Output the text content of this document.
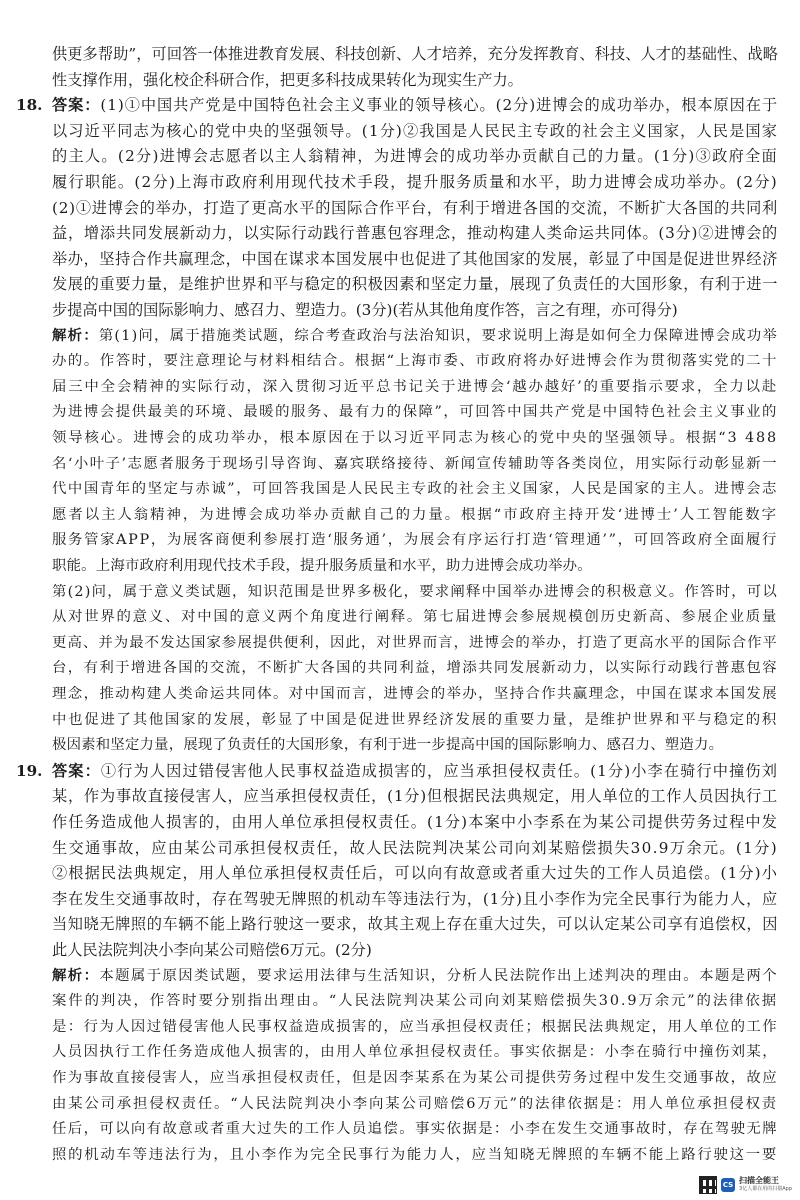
供更多帮助”，可回答一体推进教育发展、科技创新、人才培养，充分发挥教育、科技、人才的基础性、战略
性支撑作用，强化校企科研合作，把更多科技成果转化为现实生产力。
18. 答案：(1)①中国共产党是中国特色社会主义事业的领导核心。(2分)进博会的成功举办，根本原因在于
以习近平同志为核心的党中央的坚强领导。(1分)②我国是人民民主专政的社会主义国家，人民是国家
的主人。(2分)进博会志愿者以主人翁精神，为进博会的成功举办贡献自己的力量。(1分)③政府全面
履行职能。(2分)上海市政府利用现代技术手段，提升服务质量和水平，助力进博会成功举办。(2分)
(2)①进博会的举办，打造了更高水平的国际合作平台，有利于增进各国的交流，不断扩大各国的共同利
益，增添共同发展新动力，以实际行动践行普惠包容理念，推动构建人类命运共同体。(3分)②进博会的
举办，坚持合作共赢理念，中国在谋求本国发展中也促进了其他国家的发展，彰显了中国是促进世界经济
发展的重要力量，是维护世界和平与稳定的积极因素和坚定力量，展现了负责任的大国形象，有利于进一
步提高中国的国际影响力、感召力、塑造力。(3分)(若从其他角度作答，言之有理，亦可得分)
解析：第(1)问，属于措施类试题，综合考查政治与法治知识，要求说明上海是如何全力保障进博会成功举
办的。作答时，要注意理论与材料相结合。根据“上海市委、市政府将办好进博会作为贯彻落实党的二十
届三中全会精神的实际行动，深入贯彻习近平总书记关于进博会‘越办越好’的重要指示要求，全力以赴
为进博会提供最美的环境、最暖的服务、最有力的保障”，可回答中国共产党是中国特色社会主义事业的
领导核心。进博会的成功举办，根本原因在于以习近平同志为核心的党中央的坚强领导。根据“3 488
名‘小叶子’志愿者服务于现场引导咨询、嘉宾联络接待、新闻宣传辅助等各类岗位，用实际行动彰显新一
代中国青年的坚定与赤诚”，可回答我国是人民民主专政的社会主义国家，人民是国家的主人。进博会志
愿者以主人翁精神，为进博会成功举办贡献自己的力量。根据“市政府主持开发‘进博士’人工智能数字
服务管家APP，为展客商便利参展打造‘服务通’，为展会有序运行打造‘管理通’”，可回答政府全面履行
职能。上海市政府利用现代技术手段，提升服务质量和水平，助力进博会成功举办。
第(2)问，属于意义类试题，知识范围是世界多极化，要求阐释中国举办进博会的积极意义。作答时，可以
从对世界的意义、对中国的意义两个角度进行阐释。第七届进博会参展规模创历史新高、参展企业质量
更高、并为最不发达国家参展提供便利，因此，对世界而言，进博会的举办，打造了更高水平的国际合作平
台，有利于增进各国的交流，不断扩大各国的共同利益，增添共同发展新动力，以实际行动践行普惠包容
理念，推动构建人类命运共同体。对中国而言，进博会的举办，坚持合作共赢理念，中国在谋求本国发展
中也促进了其他国家的发展，彰显了中国是促进世界经济发展的重要力量，是维护世界和平与稳定的积
极因素和坚定力量，展现了负责任的大国形象，有利于进一步提高中国的国际影响力、感召力、塑造力。
19. 答案：①行为人因过错侵害他人民事权益造成损害的，应当承担侵权责任。(1分)小李在骑行中撞伤刘
某，作为事故直接侵害人，应当承担侵权责任，(1分)但根据民法典规定，用人单位的工作人员因执行工
作任务造成他人损害的，由用人单位承担侵权责任。(1分)本案中小李系在为某公司提供劳务过程中发
生交通事故，应由某公司承担侵权责任，故人民法院判决某公司向刘某赔偿损失30.9万余元。(1分)
②根据民法典规定，用人单位承担侵权责任后，可以向有故意或者重大过失的工作人员追偿。(1分)小
李在发生交通事故时，存在驾驶无牌照的机动车等违法行为，(1分)且小李作为完全民事行为能力人，应
当知晓无牌照的车辆不能上路行驶这一要求，故其主观上存在重大过失，可以认定某公司享有追偿权，因
此人民法院判决小李向某公司赔偿6万元。(2分)
解析：本题属于原因类试题，要求运用法律与生活知识，分析人民法院作出上述判决的理由。本题是两个
案件的判决，作答时要分别指出理由。“人民法院判决某公司向刘某赔偿损失30.9万余元”的法律依据
是：行为人因过错侵害他人民事权益造成损害的，应当承担侵权责任；根据民法典规定，用人单位的工作
人员因执行工作任务造成他人损害的，由用人单位承担侵权责任。事实依据是：小李在骑行中撞伤刘某，
作为事故直接侵害人，应当承担侵权责任，但是因李某系在为某公司提供劳务过程中发生交通事故，故应
由某公司承担侵权责任。“人民法院判决小李向某公司赔偿6万元”的法律依据是：用人单位承担侵权责
任后，可以向有故意或者重大过失的工作人员追偿。事实依据是：小李在发生交通事故时，存在驾驶无牌
照的机动车等违法行为，且小李作为完全民事行为能力人，应当知晓无牌照的车辆不能上路行驶这一要
CS 扫描全能王
3亿人都在用的扫描App
